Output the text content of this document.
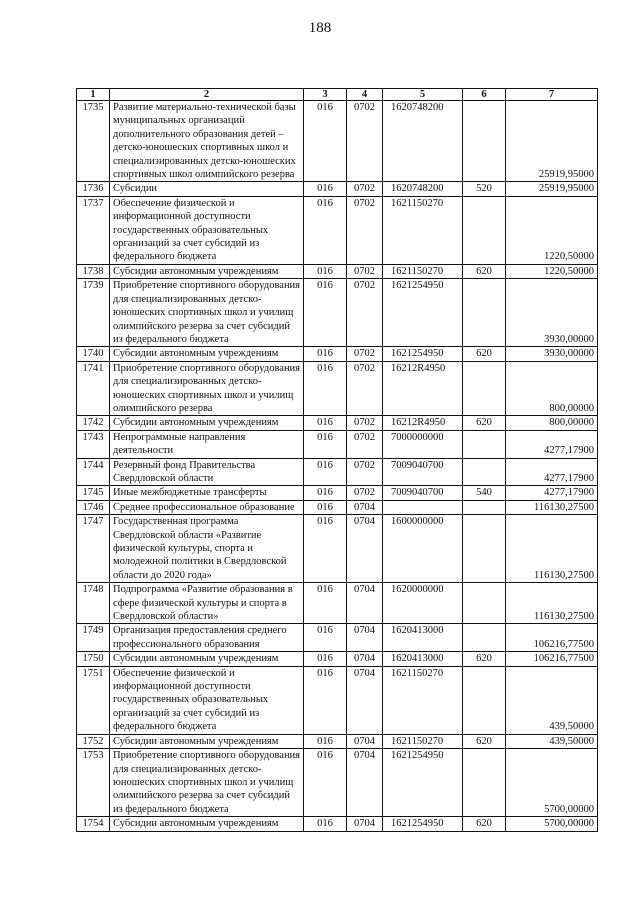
188
1	2	3	4	5	6	7
1735	Развитие материально-технической базы муниципальных организаций дополнительного образования детей – детско-юношеских спортивных школ и специализированных детско-юношеских спортивных школ олимпийского резерва	016	0702	1620748200		25919,95000
1736	Субсидии	016	0702	1620748200	520	25919,95000
1737	Обеспечение физической и информационной доступности государственных образовательных организаций за счет субсидий из федерального бюджета	016	0702	1621150270		1220,50000
1738	Субсидии автономным учреждениям	016	0702	1621150270	620	1220,50000
1739	Приобретение спортивного оборудования для специализированных детско-юношеских спортивных школ и училищ олимпийского резерва за счет субсидий из федерального бюджета	016	0702	1621254950		3930,00000
1740	Субсидии автономным учреждениям	016	0702	1621254950	620	3930,00000
1741	Приобретение спортивного оборудования для специализированных детско-юношеских спортивных школ и училищ олимпийского резерва	016	0702	16212R4950		800,00000
1742	Субсидии автономным учреждениям	016	0702	16212R4950	620	800,00000
1743	Непрограммные направления деятельности	016	0702	7000000000		4277,17900
1744	Резервный фонд Правительства Свердловской области	016	0702	7009040700		4277,17900
1745	Иные межбюджетные трансферты	016	0702	7009040700	540	4277,17900
1746	Среднее профессиональное образование	016	0704			116130,27500
1747	Государственная программа Свердловской области «Развитие физической культуры, спорта и молодежной политики в Свердловской области до 2020 года»	016	0704	1600000000		116130,27500
1748	Подпрограмма «Развитие образования в сфере физической культуры и спорта в Свердловской области»	016	0704	1620000000		116130,27500
1749	Организация предоставления среднего профессионального образования	016	0704	1620413000		106216,77500
1750	Субсидии автономным учреждениям	016	0704	1620413000	620	106216,77500
1751	Обеспечение физической и информационной доступности государственных образовательных организаций за счет субсидий из федерального бюджета	016	0704	1621150270		439,50000
1752	Субсидии автономным учреждениям	016	0704	1621150270	620	439,50000
1753	Приобретение спортивного оборудования для специализированных детско-юношеских спортивных школ и училищ олимпийского резерва за счет субсидий из федерального бюджета	016	0704	1621254950		5700,00000
1754	Субсидии автономным учреждениям	016	0704	1621254950	620	5700,00000
